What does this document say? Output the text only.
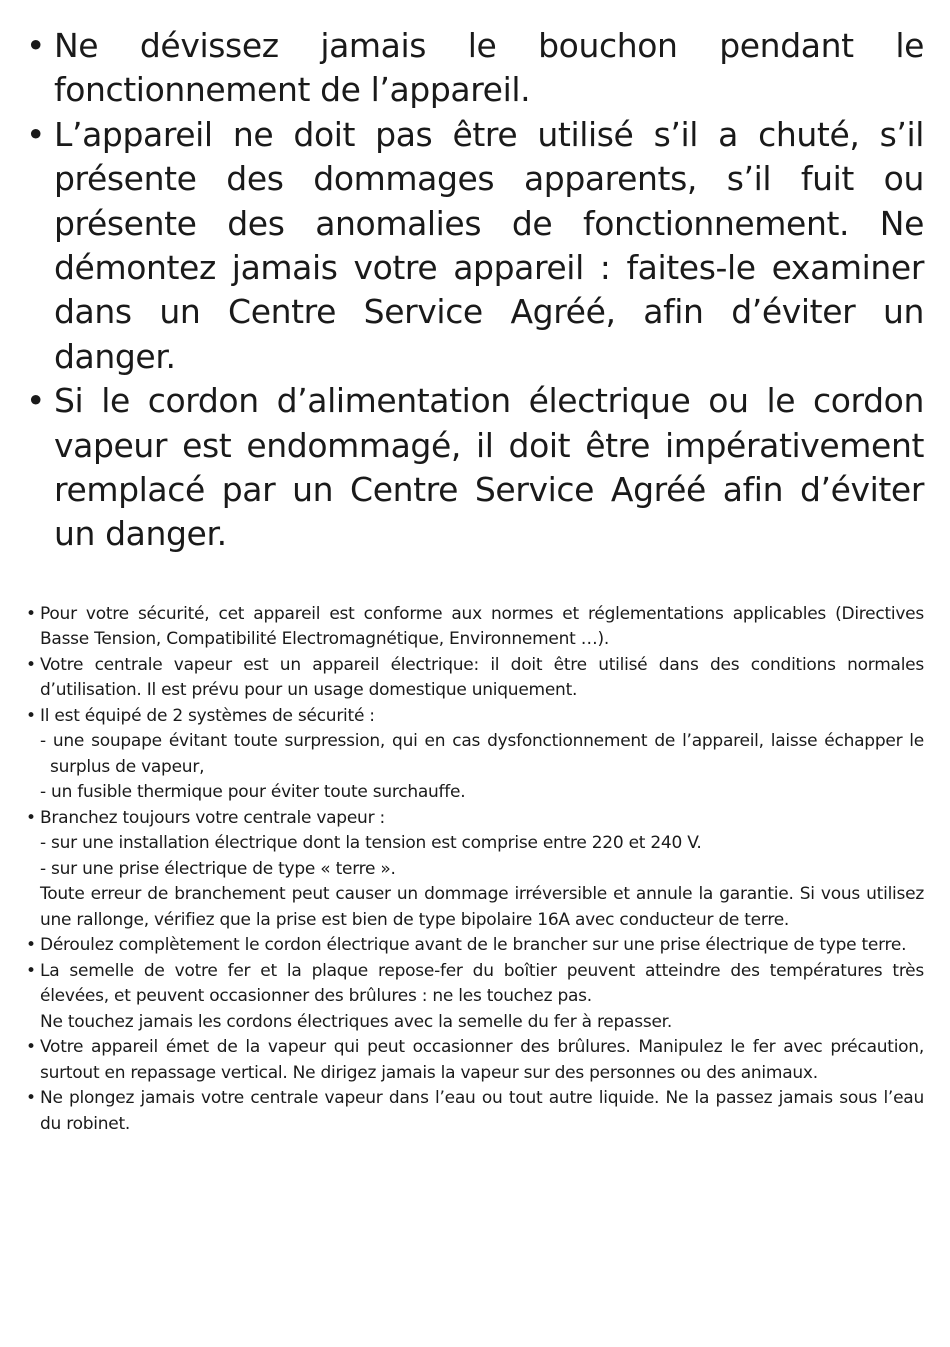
• Ne dévissez jamais le bouchon pendant le fonctionnement de l’appareil.
• L’appareil ne doit pas être utilisé s’il a chuté, s’il présente des dommages apparents, s’il fuit ou présente des anomalies de fonctionnement. Ne démontez jamais votre appareil : faites-le examiner dans un Centre Service Agréé, afin d’éviter un danger.
• Si le cordon d’alimentation électrique ou le cordon vapeur est endommagé, il doit être impérativement remplacé par un Centre Service Agréé afin d’éviter un danger.
• Pour votre sécurité, cet appareil est conforme aux normes et réglementations applicables (Directives Basse Tension, Compatibilité Electromagnétique, Environnement …).
• Votre centrale vapeur est un appareil électrique: il doit être utilisé dans des conditions normales d’utilisation. Il est prévu pour un usage domestique uniquement.
• Il est équipé de 2 systèmes de sécurité :
- une soupape évitant toute surpression, qui en cas dysfonctionnement de l’appareil, laisse échapper le surplus de vapeur,
- un fusible thermique pour éviter toute surchauffe.
• Branchez toujours votre centrale vapeur :
- sur une installation électrique dont la tension est comprise entre 220 et 240 V.
- sur une prise électrique de type « terre ».

Toute erreur de branchement peut causer un dommage irréversible et annule la garantie. Si vous utilisez une rallonge, vérifiez que la prise est bien de type bipolaire 16A avec conducteur de terre.

• Déroulez complètement le cordon électrique avant de le brancher sur une prise électrique de type terre.
• La semelle de votre fer et la plaque repose-fer du boîtier peuvent atteindre des températures très élevées, et peuvent occasionner des brûlures : ne les touchez pas.

Ne touchez jamais les cordons électriques avec la semelle du fer à repasser.

• Votre appareil émet de la vapeur qui peut occasionner des brûlures. Manipulez le fer avec précaution, surtout en repassage vertical. Ne dirigez jamais la vapeur sur des personnes ou des animaux.
• Ne plongez jamais votre centrale vapeur dans l’eau ou tout autre liquide. Ne la passez jamais sous l’eau du robinet.
